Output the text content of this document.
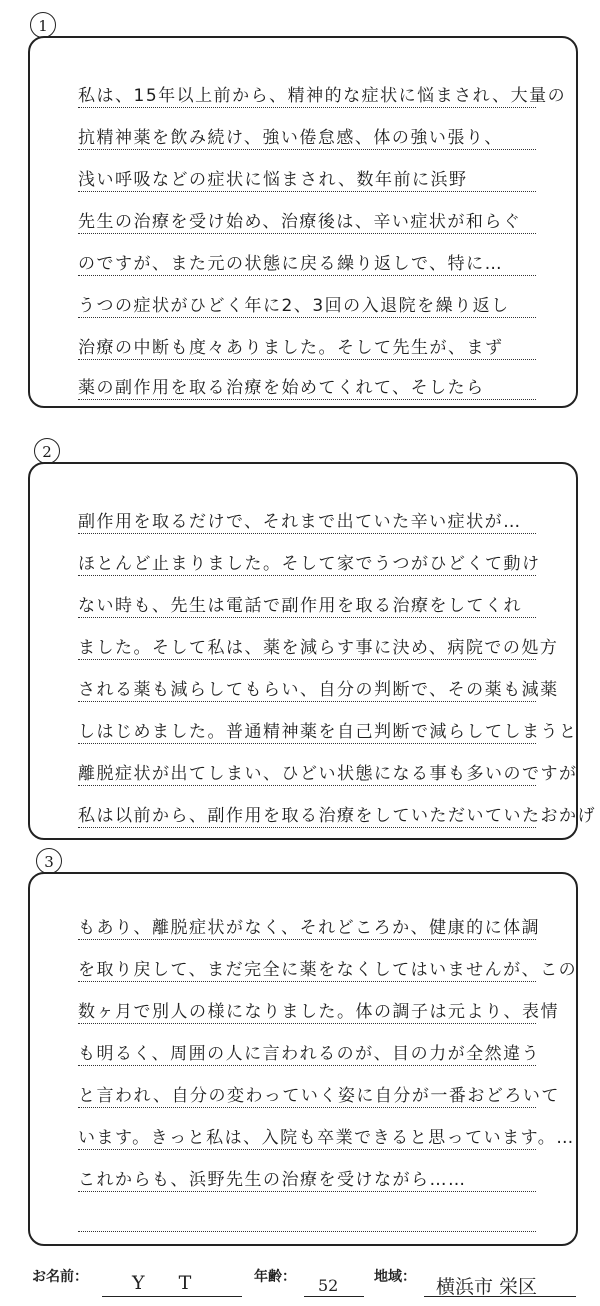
1
私は、15年以上前から、精神的な症状に悩まされ、大量の
抗精神薬を飲み続け、強い倦怠感、体の強い張り、
浅い呼吸などの症状に悩まされ、数年前に浜野
先生の治療を受け始め、治療後は、辛い症状が和らぐ
のですが、また元の状態に戻る繰り返しで、特に…
うつの症状がひどく年に2、3回の入退院を繰り返し
治療の中断も度々ありました。そして先生が、まず
薬の副作用を取る治療を始めてくれて、そしたら
2
副作用を取るだけで、それまで出ていた辛い症状が…
ほとんど止まりました。そして家でうつがひどくて動け
ない時も、先生は電話で副作用を取る治療をしてくれ
ました。そして私は、薬を減らす事に決め、病院での処方
される薬も減らしてもらい、自分の判断で、その薬も減薬
しはじめました。普通精神薬を自己判断で減らしてしまうと
離脱症状が出てしまい、ひどい状態になる事も多いのですが
私は以前から、副作用を取る治療をしていただいていたおかげ
3
もあり、離脱症状がなく、それどころか、健康的に体調
を取り戻して、まだ完全に薬をなくしてはいませんが、この
数ヶ月で別人の様になりました。体の調子は元より、表情
も明るく、周囲の人に言われるのが、目の力が全然違う
と言われ、自分の変わっていく姿に自分が一番おどろいて
います。きっと私は、入院も卒業できると思っています。…
これからも、浜野先生の治療を受けながら……
お名前： Y T	年齢： 52	地域： 横浜市 栄区
